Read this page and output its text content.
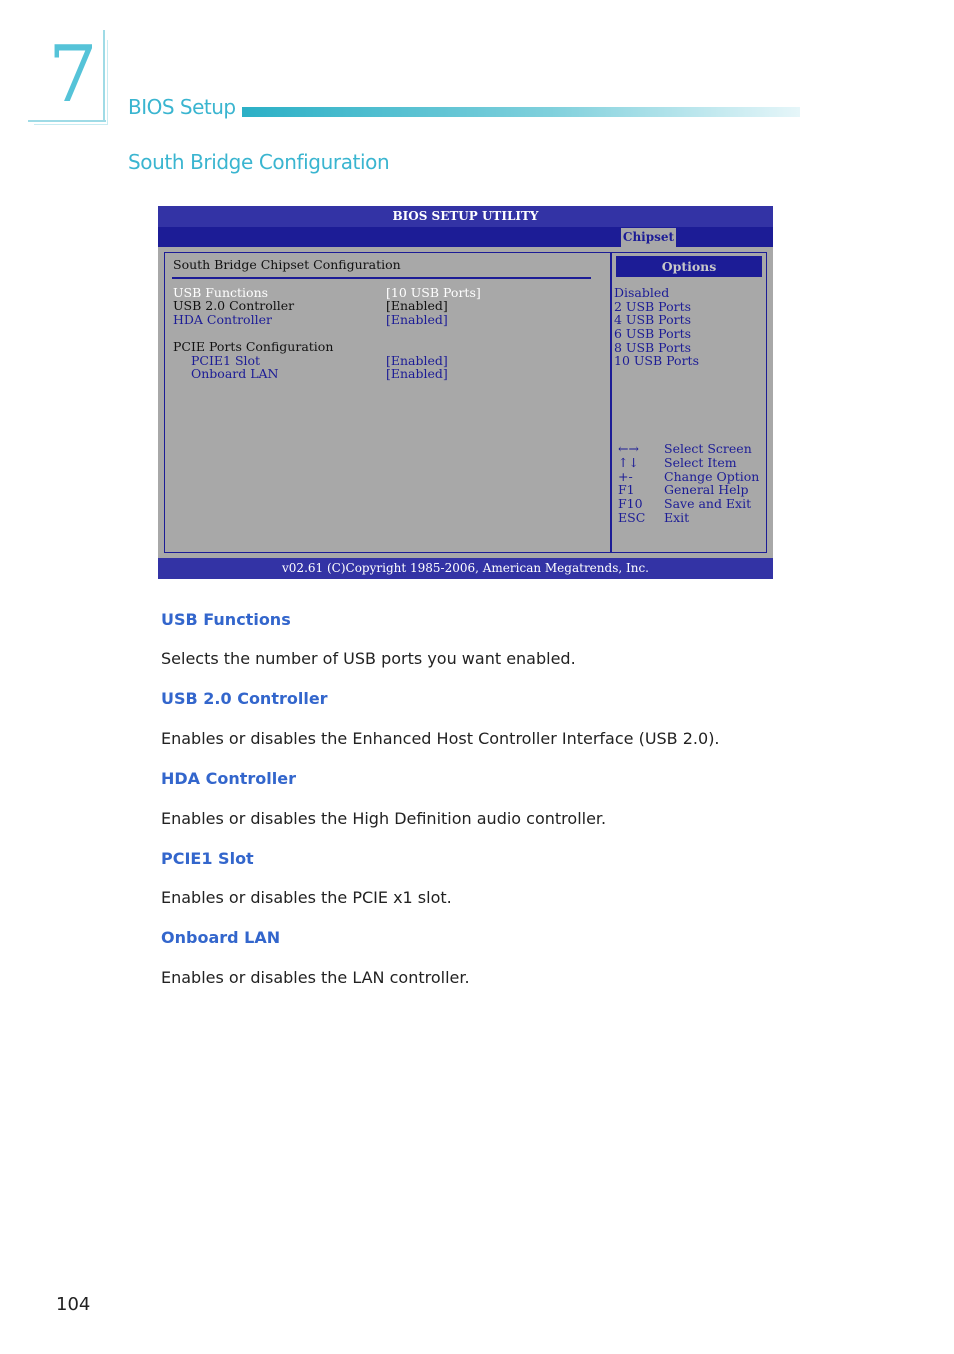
7 BIOS Setup
South Bridge Configuration
BIOS SETUP UTILITY
Chipset
South Bridge Chipset Configuration
USB Functions	[10 USB Ports]
USB 2.0 Controller	[Enabled]
HDA Controller	[Enabled]
PCIE Ports Configuration
PCIE1 Slot	[Enabled]
Onboard LAN	[Enabled]
Options
Disabled
2 USB Ports
4 USB Ports
6 USB Ports
8 USB Ports
10 USB Ports
←→ Select Screen
↑↓ Select Item
+-	Change Option
F1 General Help
F10 Save and Exit
ESC Exit
v02.61 (C)Copyright 1985-2006, American Megatrends, Inc.
USB Functions
Selects the number of USB ports you want enabled.
USB 2.0 Controller
Enables or disables the Enhanced Host Controller Interface (USB 2.0).
HDA Controller
Enables or disables the High Definition audio controller.
PCIE1 Slot
Enables or disables the PCIE x1 slot.
Onboard LAN
Enables or disables the LAN controller.
104
